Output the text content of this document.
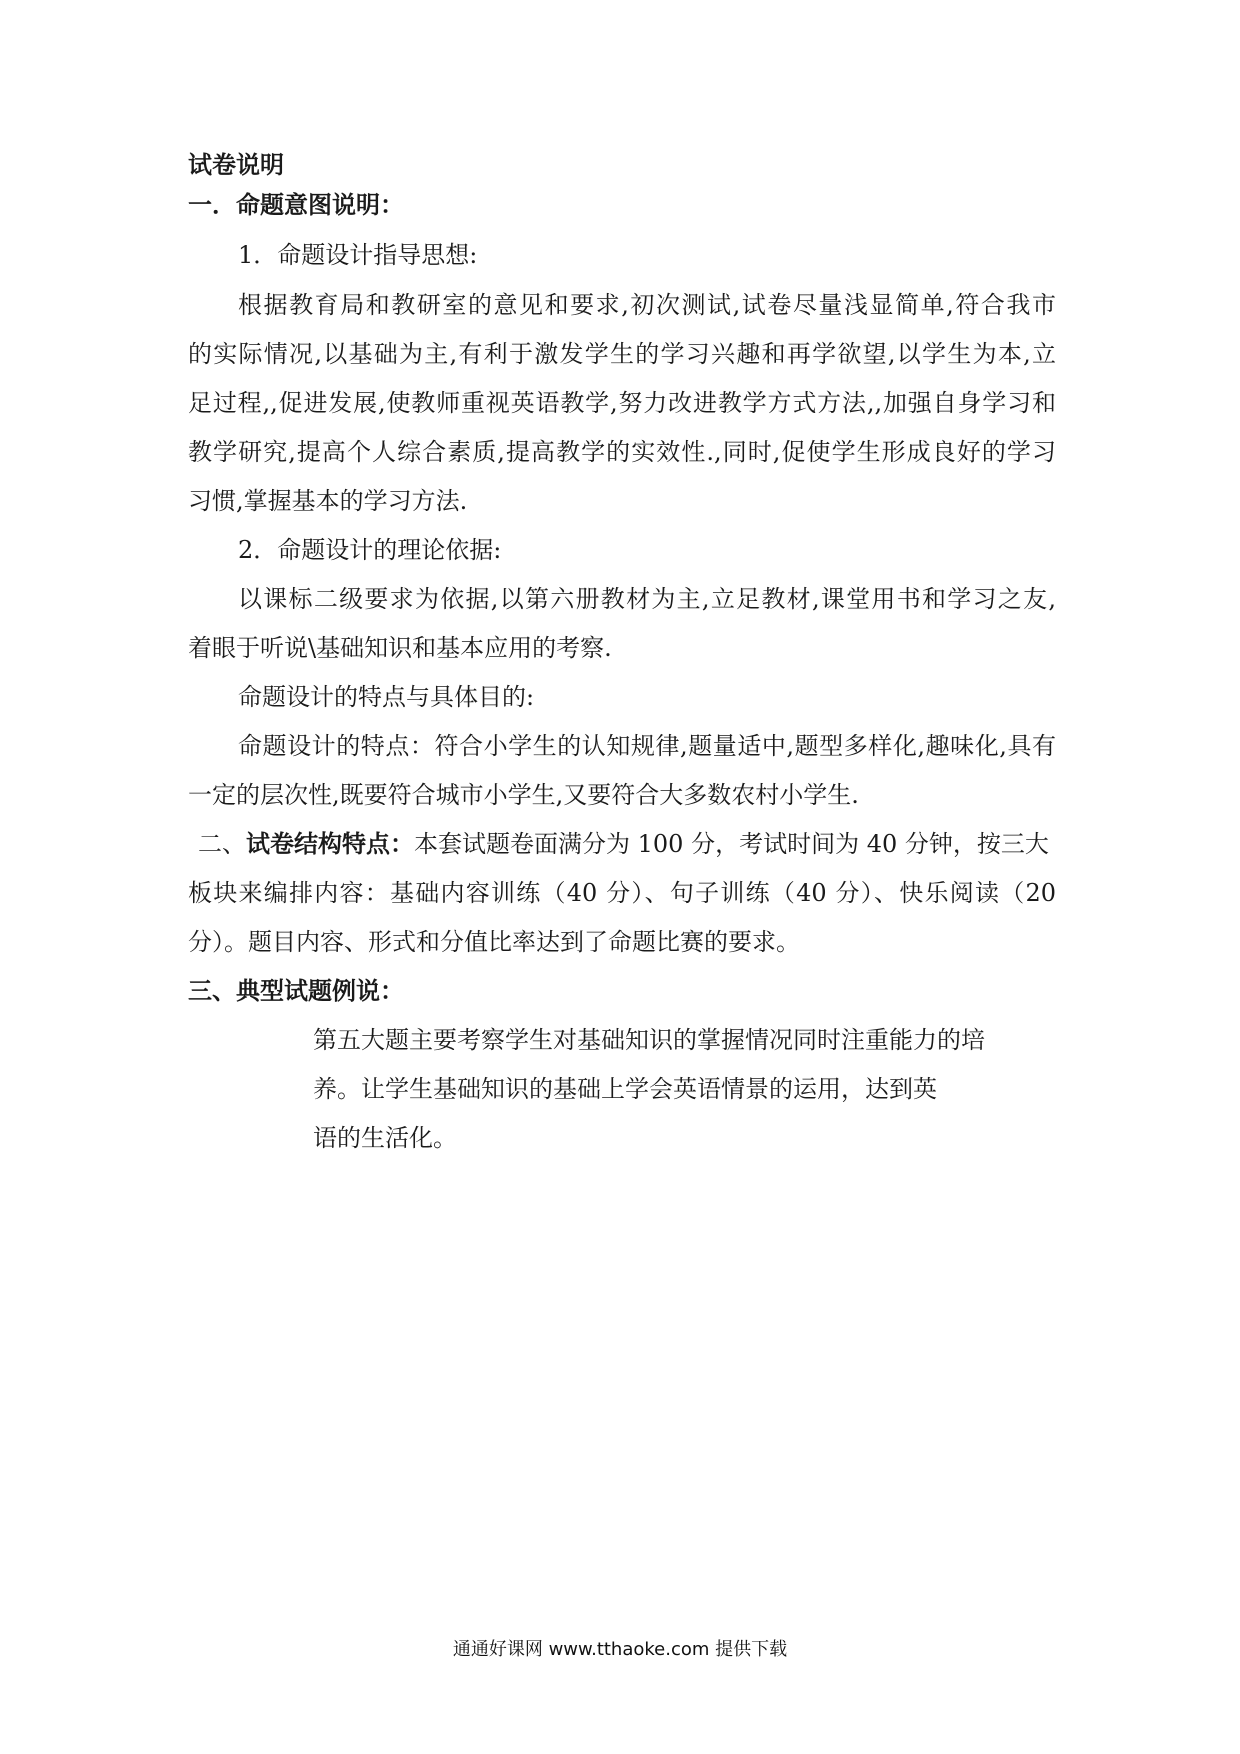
试卷说明
一．命题意图说明：
1．命题设计指导思想:
根据教育局和教研室的意见和要求,初次测试,试卷尽量浅显简单,符合我市
的实际情况,以基础为主,有利于激发学生的学习兴趣和再学欲望,以学生为本,立
足过程,,促进发展,使教师重视英语教学,努力改进教学方式方法,,加强自身学习和
教学研究,提高个人综合素质,提高教学的实效性.,同时,促使学生形成良好的学习
习惯,掌握基本的学习方法.
2．命题设计的理论依据:
以课标二级要求为依据,以第六册教材为主,立足教材,课堂用书和学习之友,
着眼于听说\基础知识和基本应用的考察.
命题设计的特点与具体目的:
命题设计的特点：符合小学生的认知规律,题量适中,题型多样化,趣味化,具有
一定的层次性,既要符合城市小学生,又要符合大多数农村小学生.
二、试卷结构特点：本套试题卷面满分为 100 分，考试时间为 40 分钟，按三大
板块来编排内容：基础内容训练（40 分）、句子训练（40 分）、快乐阅读（20
分）。题目内容、形式和分值比率达到了命题比赛的要求。
三、典型试题例说：
第五大题主要考察学生对基础知识的掌握情况同时注重能力的培
养。让学生基础知识的基础上学会英语情景的运用，达到英
语的生活化。
通通好课网 www.tthaoke.com 提供下载
